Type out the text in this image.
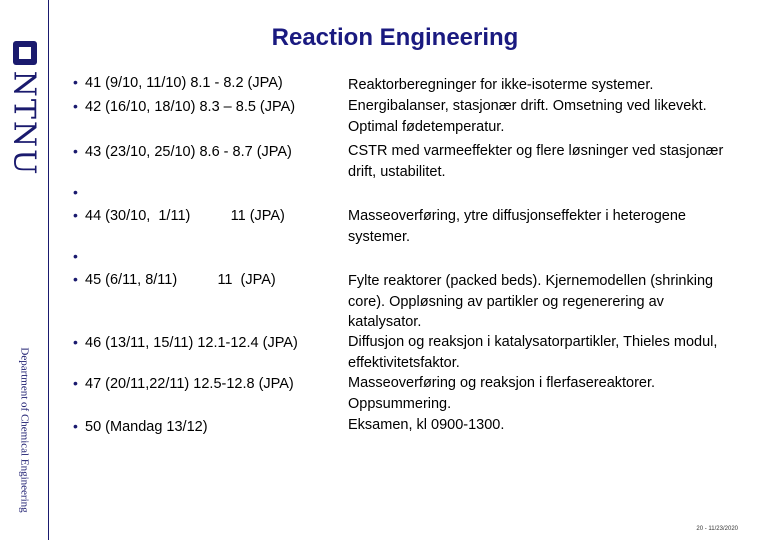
NTNU
Department of Chemical Engineering
Reaction Engineering
• 41 (9/10, 11/10) 8.1 - 8.2 (JPA)
• 42 (16/10, 18/10) 8.3 – 8.5 (JPA)
• 43 (23/10, 25/10) 8.6 - 8.7 (JPA)
•
• 44 (30/10,  1/11)          11 (JPA)
•
• 45 (6/11, 8/11)          11  (JPA)
• 46 (13/11, 15/11) 12.1-12.4 (JPA)
• 47 (20/11,22/11) 12.5-12.8 (JPA)
• 50 (Mandag 13/12)
Reaktorberegninger for ikke-isoterme systemer.
Energibalanser, stasjonær drift. Omsetning ved likevekt. Optimal fødetemperatur.
CSTR med varmeeffekter og flere løsninger ved stasjonær drift, ustabilitet.
Masseoverføring, ytre diffusjonseffekter i heterogene systemer.
Fylte reaktorer (packed beds). Kjernemodellen (shrinking core). Oppløsning av partikler og regenerering av katalysator.
Diffusjon og reaksjon i katalysatorpartikler, Thieles modul, effektivitetsfaktor.
Masseoverføring og reaksjon i flerfasereaktorer. Oppsummering.
Eksamen, kl 0900-1300.
20 - 11/23/2020
